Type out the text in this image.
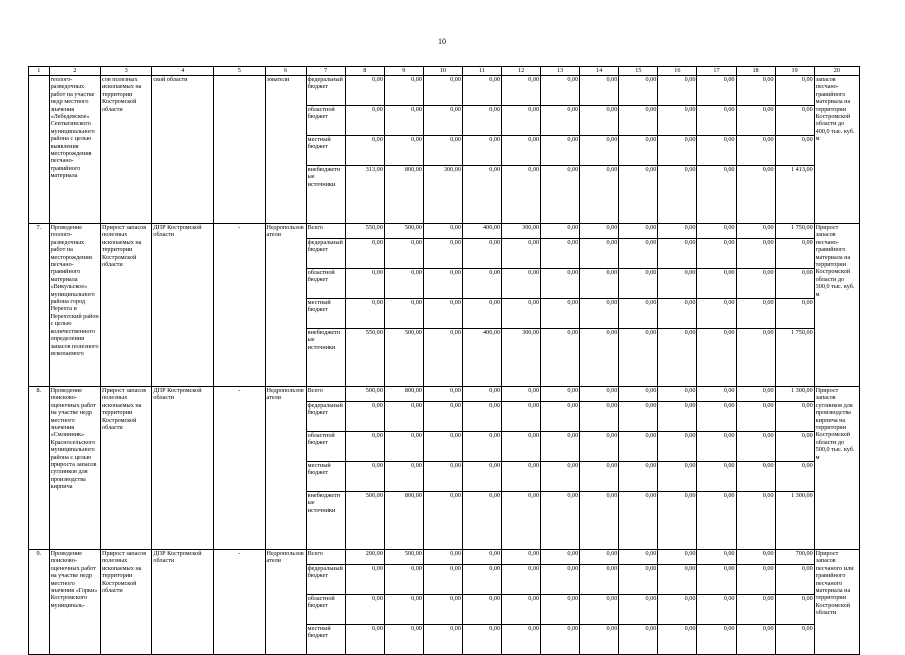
10
1	2	3	4	5	6	7	8	9	10	11	12	13	14	15	16	17	18	19	20
	геолого-разведочных работ на участке недр местного значения «Лебедевское» Сентыгинского муниципального района с целью выявления месторождения песчано-гравийного материала	сов полезных ископаемых на территории Костромской области	ской области		зователи	федеральный бюджет	0,00	0,00	0,00	0,00	0,00	0,00	0,00	0,00	0,00	0,00	0,00	0,00	запасов песчано-гравийного материала на территории Костромской области до 400,0 тыс. куб. м
						областной бюджет	0,00	0,00	0,00	0,00	0,00	0,00	0,00	0,00	0,00	0,00	0,00	0,00	
						местный бюджет	0,00	0,00	0,00	0,00	0,00	0,00	0,00	0,00	0,00	0,00	0,00	0,00	
						внебюджетные источники	313,00	800,00	300,00	0,00	0,00	0,00	0,00	0,00	0,00	0,00	0,00	1 413,00	
7.	Проведение геолого-разведочных работ на месторождении песчано-гравийного материала «Викульское» муниципального района город Нерехта и Нерехтский район с целью количественного определения запасов полезного ископаемого	Прирост запасов полезных ископаемых на территории Костромской области	ДПР Костромской области	-	Недропользователи	Всего	550,00	500,00	0,00	400,00	300,00	0,00	0,00	0,00	0,00	0,00	0,00	1 750,00	Прирост запасов песчано-гравийного материала на территории Костромской области до 300,0 тыс. куб. м
						федеральный бюджет	0,00	0,00	0,00	0,00	0,00	0,00	0,00	0,00	0,00	0,00	0,00	0,00	
						областной бюджет	0,00	0,00	0,00	0,00	0,00	0,00	0,00	0,00	0,00	0,00	0,00	0,00	
						местный бюджет	0,00	0,00	0,00	0,00	0,00	0,00	0,00	0,00	0,00	0,00	0,00	0,00	
						внебюджетные источники	550,00	500,00	0,00	400,00	300,00	0,00	0,00	0,00	0,00	0,00	0,00	1 750,00	
8.	Проведение поисково-оценочных работ на участке недр местного значения «Смлинник» Красносельского муниципального района с целью прироста запасов суглинков для производства кирпича	Прирост запасов полезных ископаемых на территории Костромской области	ДПР Костромской области	-	Недропользователи	Всего	500,00	800,00	0,00	0,00	0,00	0,00	0,00	0,00	0,00	0,00	0,00	1 300,00	Прирост запасов суглинков для производства кирпича на территории Костромской области до 500,0 тыс. куб. м
						федеральный бюджет	0,00	0,00	0,00	0,00	0,00	0,00	0,00	0,00	0,00	0,00	0,00	0,00	
						областной бюджет	0,00	0,00	0,00	0,00	0,00	0,00	0,00	0,00	0,00	0,00	0,00	0,00	
						местный бюджет	0,00	0,00	0,00	0,00	0,00	0,00	0,00	0,00	0,00	0,00	0,00	0,00	
						внебюджетные источники	500,00	800,00	0,00	0,00	0,00	0,00	0,00	0,00	0,00	0,00	0,00	1 300,00	
9.	Проведение поисково-оценочных работ на участке недр местного значения «Горки» Костромского муниципаль-	Прирост запасов полезных ископаемых на территории Костромской области	ДПР Костромской области	-	Недропользователи	Всего	200,00	500,00	0,00	0,00	0,00	0,00	0,00	0,00	0,00	0,00	0,00	700,00	Прирост запасов песчаного или гравийного песчаного материала на территории Костромской области
						федеральный бюджет	0,00	0,00	0,00	0,00	0,00	0,00	0,00	0,00	0,00	0,00	0,00	0,00	
						областной бюджет	0,00	0,00	0,00	0,00	0,00	0,00	0,00	0,00	0,00	0,00	0,00	0,00	
						местный бюджет	0,00	0,00	0,00	0,00	0,00	0,00	0,00	0,00	0,00	0,00	0,00	0,00	
